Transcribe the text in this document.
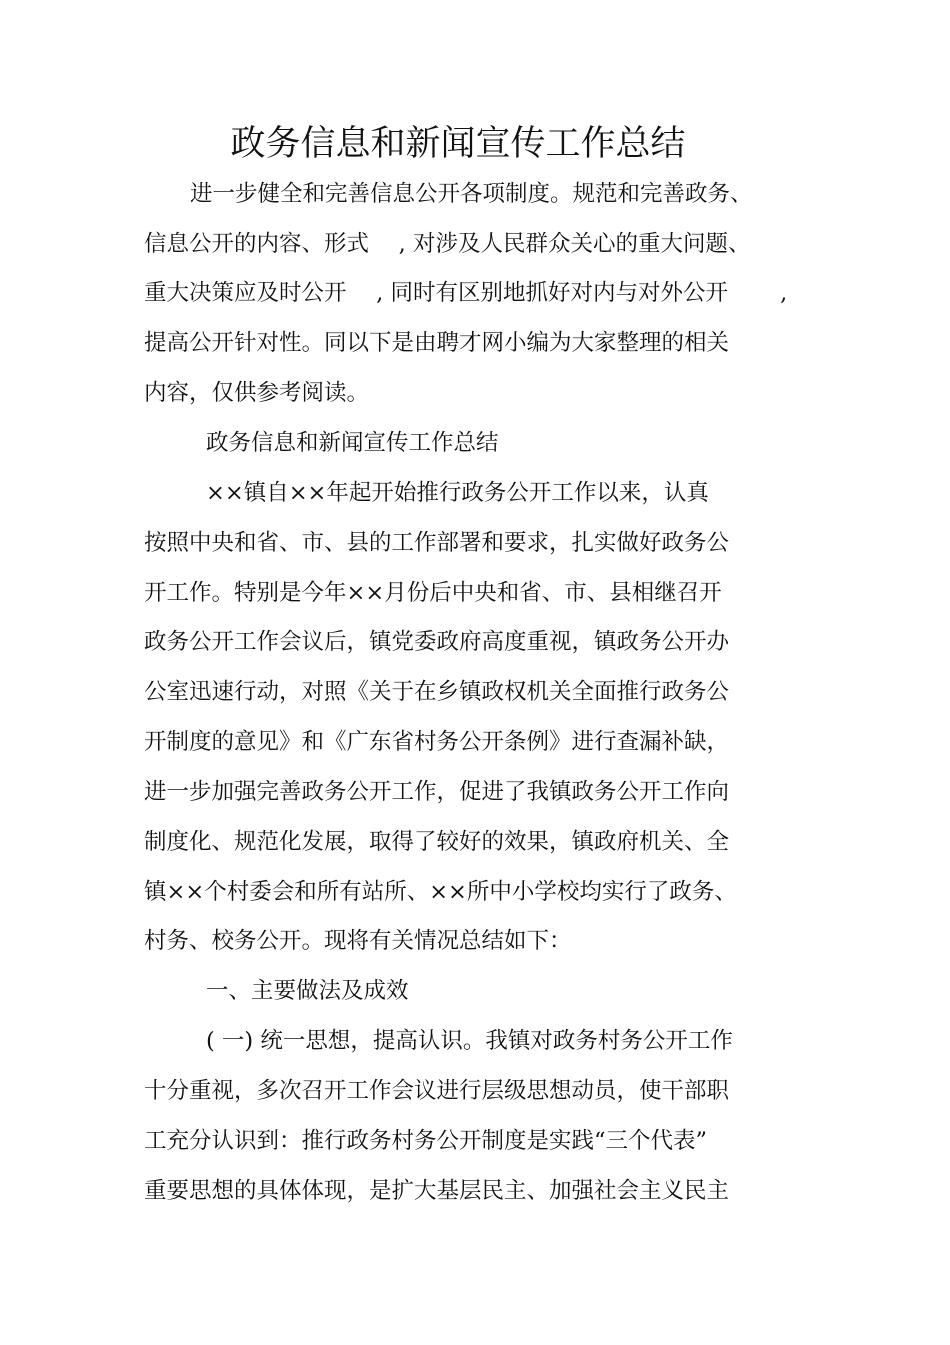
政务信息和新闻宣传工作总结
进一步健全和完善信息公开各项制度。规范和完善政务、
信息公开的内容、形式　 , 对涉及人民群众关心的重大问题、
重大决策应及时公开　 , 同时有区别地抓好对内与对外公开　　 ,
提高公开针对性。同以下是由聘才网小编为大家整理的相关
内容，仅供参考阅读。
政务信息和新闻宣传工作总结
××镇自××年起开始推行政务公开工作以来，认真
按照中央和省、市、县的工作部署和要求，扎实做好政务公
开工作。特别是今年××月份后中央和省、市、县相继召开
政务公开工作会议后，镇党委政府高度重视，镇政务公开办
公室迅速行动，对照《关于在乡镇政权机关全面推行政务公
开制度的意见》和《广东省村务公开条例》进行查漏补缺，
进一步加强完善政务公开工作，促进了我镇政务公开工作向
制度化、规范化发展，取得了较好的效果，镇政府机关、全
镇××个村委会和所有站所、××所中小学校均实行了政务、
村务、校务公开。现将有关情况总结如下：
一、主要做法及成效
( 一) 统一思想，提高认识。我镇对政务村务公开工作
十分重视，多次召开工作会议进行层级思想动员，使干部职
工充分认识到：推行政务村务公开制度是实践“三个代表”
重要思想的具体体现，是扩大基层民主、加强社会主义民主
